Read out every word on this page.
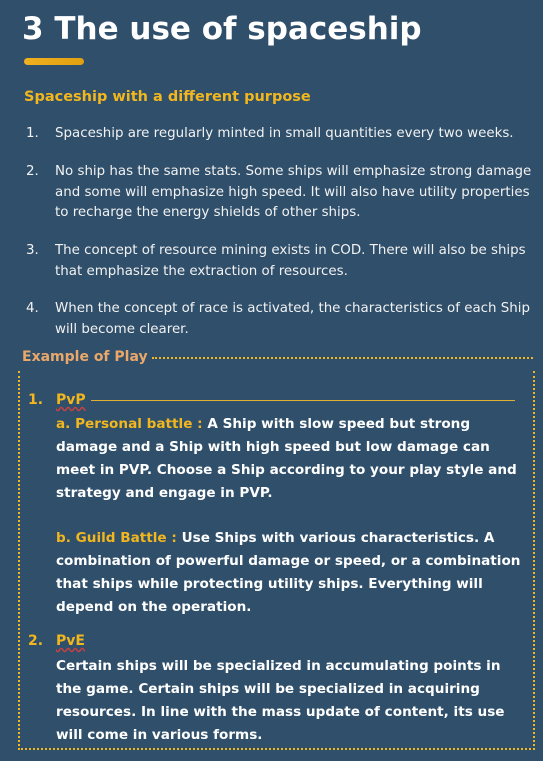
3 The use of spaceship
Spaceship with a different purpose
1. Spaceship are regularly minted in small quantities every two weeks.
2. No ship has the same stats. Some ships will emphasize strong damage and some will emphasize high speed. It will also have utility properties to recharge the energy shields of other ships.
3. The concept of resource mining exists in COD. There will also be ships that emphasize the extraction of resources.
4. When the concept of race is activated, the characteristics of each Ship will become clearer.
Example of Play
1. PvP
a. Personal battle : A Ship with slow speed but strong damage and a Ship with high speed but low damage can meet in PVP. Choose a Ship according to your play style and strategy and engage in PVP.
b. Guild Battle : Use Ships with various characteristics. A combination of powerful damage or speed, or a combination that ships while protecting utility ships. Everything will depend on the operation.
2. PvE
Certain ships will be specialized in accumulating points in the game. Certain ships will be specialized in acquiring resources. In line with the mass update of content, its use will come in various forms.
